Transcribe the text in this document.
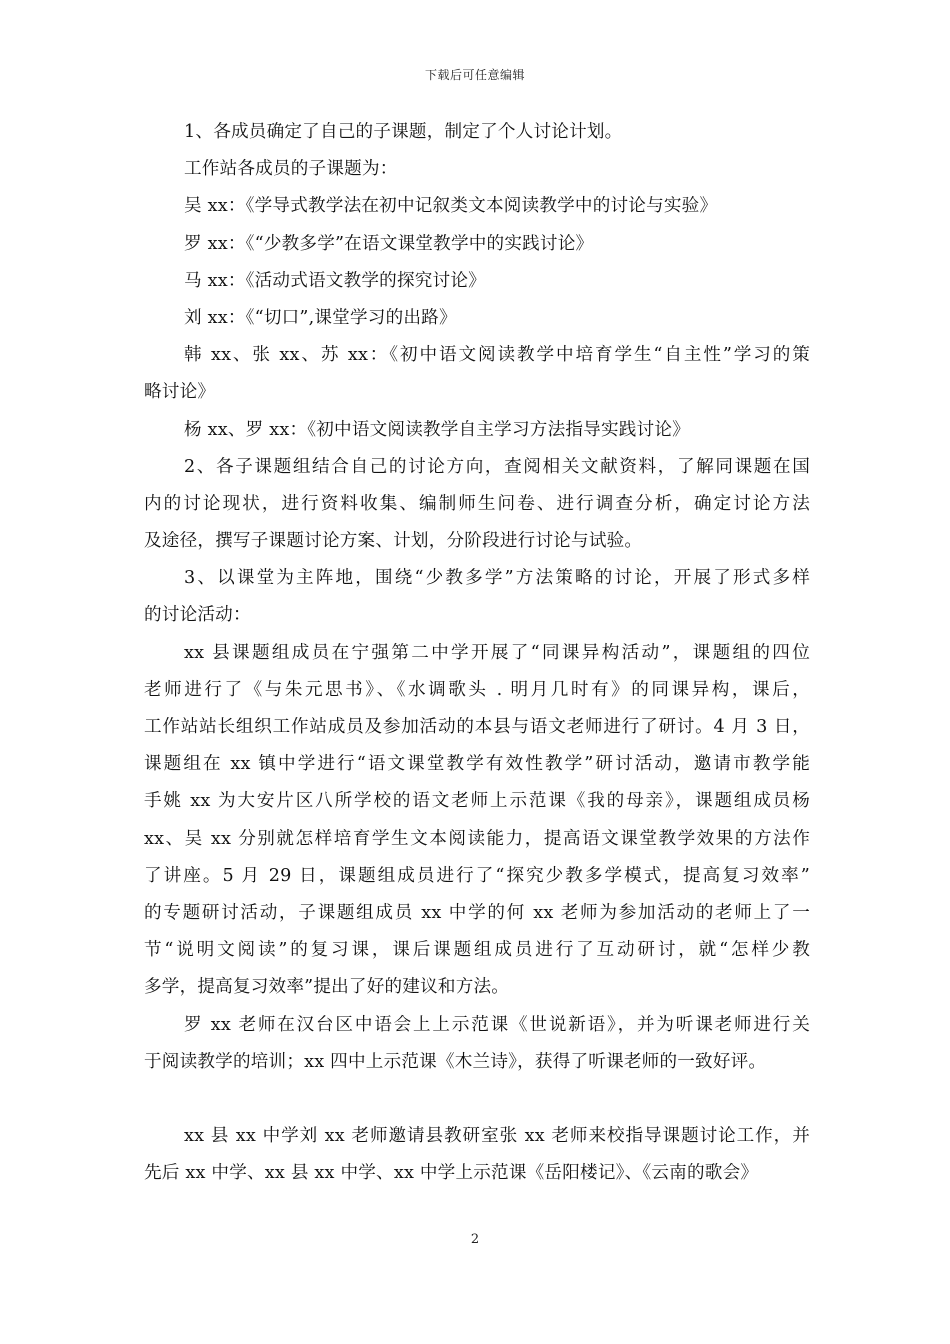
下载后可任意编辑
1、各成员确定了自己的子课题，制定了个人讨论计划。
工作站各成员的子课题为：
吴 xx：《学导式教学法在初中记叙类文本阅读教学中的讨论与实验》
罗 xx：《“少教多学”在语文课堂教学中的实践讨论》
马 xx：《活动式语文教学的探究讨论》
刘 xx：《“切口”,课堂学习的出路》
韩 xx、张 xx、苏 xx：《初中语文阅读教学中培育学生“自主性”学习的策
略讨论》
杨 xx、罗 xx：《初中语文阅读教学自主学习方法指导实践讨论》
2、各子课题组结合自己的讨论方向，查阅相关文献资料，了解同课题在国
内的讨论现状，进行资料收集、编制师生问卷、进行调查分析，确定讨论方法
及途径，撰写子课题讨论方案、计划，分阶段进行讨论与试验。
3、以课堂为主阵地，围绕“少教多学”方法策略的讨论，开展了形式多样
的讨论活动：
xx 县课题组成员在宁强第二中学开展了“同课异构活动”，课题组的四位
老师进行了《与朱元思书》、《水调歌头 . 明月几时有》的同课异构，课后，
工作站站长组织工作站成员及参加活动的本县与语文老师进行了研讨。4 月 3 日，
课题组在 xx 镇中学进行“语文课堂教学有效性教学”研讨活动，邀请市教学能
手姚 xx 为大安片区八所学校的语文老师上示范课《我的母亲》，课题组成员杨
xx、吴 xx 分别就怎样培育学生文本阅读能力，提高语文课堂教学效果的方法作
了讲座。5 月 29 日，课题组成员进行了“探究少教多学模式，提高复习效率”
的专题研讨活动，子课题组成员 xx 中学的何 xx 老师为参加活动的老师上了一
节“说明文阅读”的复习课，课后课题组成员进行了互动研讨，就“怎样少教
多学，提高复习效率”提出了好的建议和方法。
罗 xx 老师在汉台区中语会上上示范课《世说新语》，并为听课老师进行关
于阅读教学的培训；xx 四中上示范课《木兰诗》，获得了听课老师的一致好评。
xx 县 xx 中学刘 xx 老师邀请县教研室张 xx 老师来校指导课题讨论工作，并
先后 xx 中学、xx 县 xx 中学、xx 中学上示范课《岳阳楼记》、《云南的歌会》
2
